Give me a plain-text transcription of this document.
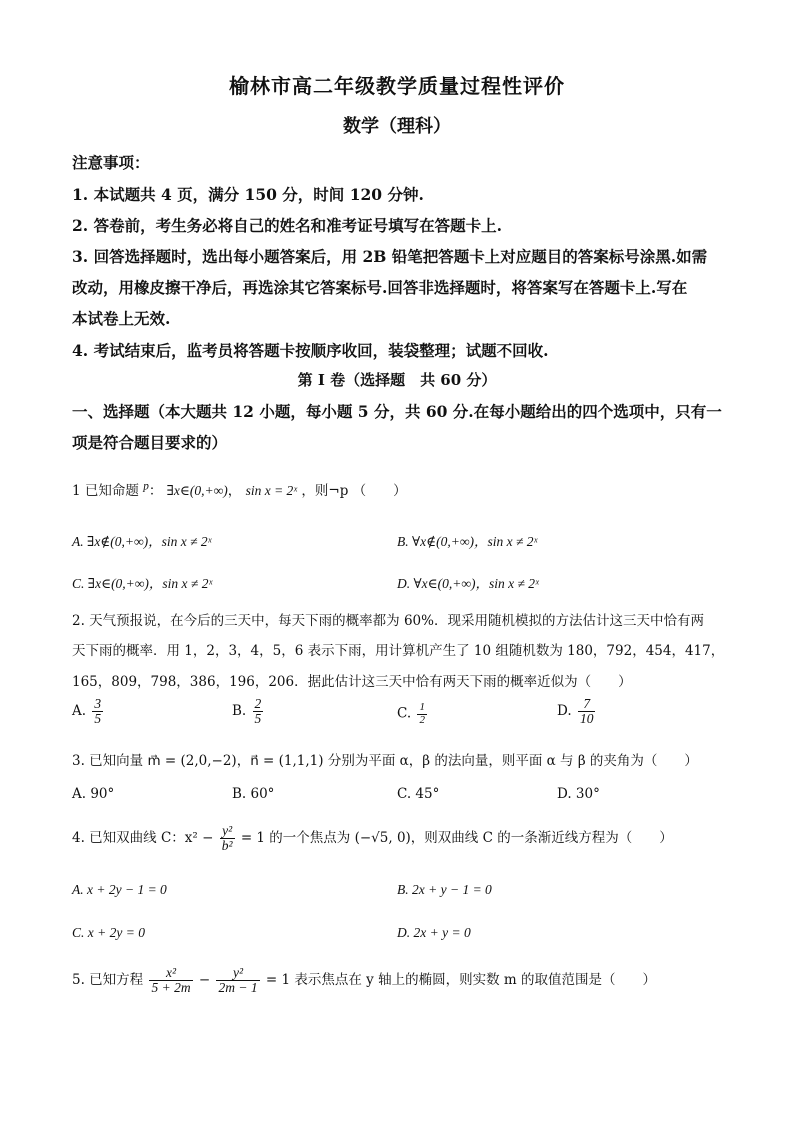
榆林市高二年级教学质量过程性评价
数学（理科）
注意事项：
1. 本试题共 4 页，满分 150 分，时间 120 分钟.
2. 答卷前，考生务必将自己的姓名和准考证号填写在答题卡上.
3. 回答选择题时，选出每小题答案后，用 2B 铅笔把答题卡上对应题目的答案标号涂黑.如需
改动，用橡皮擦干净后，再选涂其它答案标号.回答非选择题时，将答案写在答题卡上.写在
本试卷上无效.
4. 考试结束后，监考员将答题卡按顺序收回，装袋整理；试题不回收.
第 I 卷（选择题　共 60 分）
一、选择题（本大题共 12 小题，每小题 5 分，共 60 分.在每小题给出的四个选项中，只有一
项是符合题目要求的）
1 已知命题 $^p$： ∃x∈(0,+∞)， sin x = 2ˣ ，则¬p （　　）
A. ∃x∉(0,+∞)，sin x ≠ 2ˣ	B. ∀x∉(0,+∞)，sin x ≠ 2ˣ
C. ∃x∈(0,+∞)，sin x ≠ 2ˣ	D. ∀x∈(0,+∞)，sin x ≠ 2ˣ
2. 天气预报说，在今后的三天中，每天下雨的概率都为 60%．现采用随机模拟的方法估计这三天中恰有两
天下雨的概率．用 1，2，3，4，5，6 表示下雨，用计算机产生了 10 组随机数为 180，792，454，417，
165，809，798，386，196，206．据此估计这三天中恰有两天下雨的概率近似为（　　）
A. $\frac{3}{5}$	B. $\frac{2}{5}$	C. $\frac{1}{2}$	D. $\frac{7}{10}$
3. 已知向量 m⃗ = (2,0,−2)，n⃗ = (1,1,1) 分别为平面 α，β 的法向量，则平面 α 与 β 的夹角为（　　）
A. 90°	B. 60°	C. 45°	D. 30°
4. 已知双曲线 C：$x^2 - \frac{\text{y²}}{\text{b²}} = 1$ 的一个焦点为 (−√5, 0)，则双曲线 C 的一条渐近线方程为（　　）
A. x + 2y − 1 = 0	B. 2x + y − 1 = 0
C. x + 2y = 0	D. 2x + y = 0
5. 已知方程 $\frac{\text{x²}}{5 + 2m} - \frac{\text{y²}}{2m - 1} = 1$ 表示焦点在 y 轴上的椭圆，则实数 m 的取值范围是（　　）
